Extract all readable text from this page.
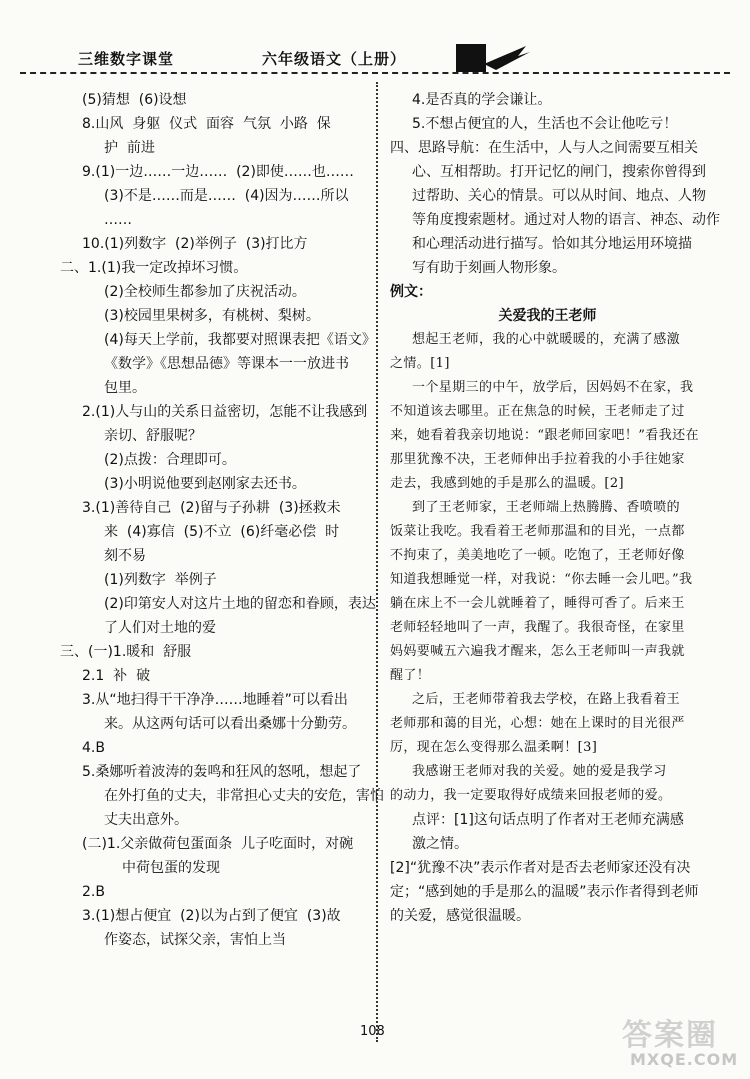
三维数字课堂	六年级语文（上册）
(5)猜想  (6)设想
8.山风  身躯  仪式  面容  气氛  小路  保
护  前进
9.(1)一边……一边……  (2)即使……也……
(3)不是……而是……  (4)因为……所以
……
10.(1)列数字  (2)举例子  (3)打比方
二、1.(1)我一定改掉坏习惯。
(2)全校师生都参加了庆祝活动。
(3)校园里果树多，有桃树、梨树。
(4)每天上学前，我都要对照课表把《语文》
《数学》《思想品德》等课本一一放进书
包里。
2.(1)人与山的关系日益密切，怎能不让我感到
亲切、舒服呢？
(2)点拨：合理即可。
(3)小明说他要到赵刚家去还书。
3.(1)善待自己  (2)留与子孙耕  (3)拯救未
来  (4)寡信  (5)不立  (6)纤毫必偿  时
刻不易
(1)列数字  举例子
(2)印第安人对这片土地的留恋和眷顾，表达
了人们对土地的爱
三、(一)1.暖和  舒服
2.1  补  破
3.从“地扫得干干净净……地睡着”可以看出
来。从这两句话可以看出桑娜十分勤劳。
4.B
5.桑娜听着波涛的轰鸣和狂风的怒吼，想起了
在外打鱼的丈夫，非常担心丈夫的安危，害怕
丈夫出意外。
(二)1.父亲做荷包蛋面条  儿子吃面时，对碗
中荷包蛋的发现
2.B
3.(1)想占便宜  (2)以为占到了便宜  (3)故
作姿态，试探父亲，害怕上当
4.是否真的学会谦让。
5.不想占便宜的人，生活也不会让他吃亏！
四、思路导航：在生活中，人与人之间需要互相关
心、互相帮助。打开记忆的闸门，搜索你曾得到
过帮助、关心的情景。可以从时间、地点、人物
等角度搜索题材。通过对人物的语言、神态、动作
和心理活动进行描写。恰如其分地运用环境描
写有助于刻画人物形象。
例文：
关爱我的王老师
想起王老师，我的心中就暖暖的，充满了感激
之情。[1]
一个星期三的中午，放学后，因妈妈不在家，我
不知道该去哪里。正在焦急的时候，王老师走了过
来，她看着我亲切地说：“跟老师回家吧！”看我还在
那里犹豫不决，王老师伸出手拉着我的小手往她家
走去，我感到她的手是那么的温暖。[2]
到了王老师家，王老师端上热腾腾、香喷喷的
饭菜让我吃。我看着王老师那温和的目光，一点都
不拘束了，美美地吃了一顿。吃饱了，王老师好像
知道我想睡觉一样，对我说：“你去睡一会儿吧。”我
躺在床上不一会儿就睡着了，睡得可香了。后来王
老师轻轻地叫了一声，我醒了。我很奇怪，在家里
妈妈要喊五六遍我才醒来，怎么王老师叫一声我就
醒了！
之后，王老师带着我去学校，在路上我看着王
老师那和蔼的目光，心想：她在上课时的目光很严
厉，现在怎么变得那么温柔啊！[3]
我感谢王老师对我的关爱。她的爱是我学习
的动力，我一定要取得好成绩来回报老师的爱。
点评：[1]这句话点明了作者对王老师充满感
激之情。
[2]“犹豫不决”表示作者对是否去老师家还没有决
定；“感到她的手是那么的温暖”表示作者得到老师
的关爱，感觉很温暖。
108	答案圈
MXQE.COM
